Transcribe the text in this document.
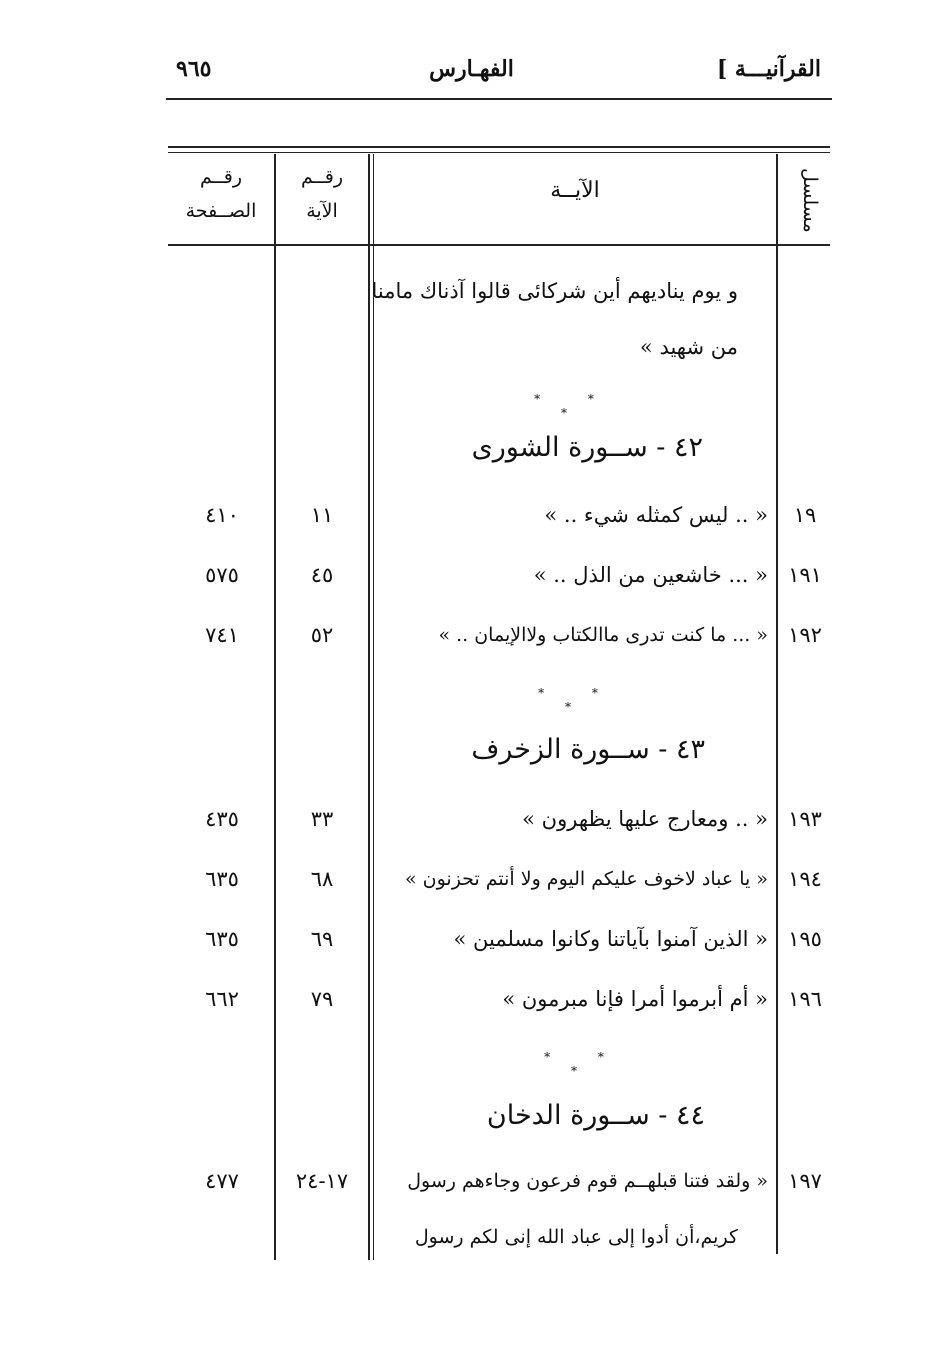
القرآنيـــة ]
الفهـارس
٩٦٥
مسلسل
الآيــة
رقــم
الآية
رقــم
الصــفحة
و يوم يناديهم أين شركائى قالوا آذناك مامنا
من شهيد »
* * *
٤٢ - ســورة الشورى
١٩
« .. ليس كمثله شيء .. »
١١
٤١٠
١٩١
« ... خاشعين من الذل .. »
٤٥
٥٧٥
١٩٢
« ... ما كنت تدرى ماالكتاب ولاالإيمان .. »
٥٢
٧٤١
* * *
٤٣ - ســورة الزخرف
١٩٣
« .. ومعارج عليها يظهرون »
٣٣
٤٣٥
١٩٤
« يا عباد لاخوف عليكم اليوم ولا أنتم تحزنون »
٦٨
٦٣٥
١٩٥
« الذين آمنوا بآياتنا وكانوا مسلمين »
٦٩
٦٣٥
١٩٦
« أم أبرموا أمرا فإنا مبرمون »
٧٩
٦٦٢
* * *
٤٤ - ســورة الدخان
١٩٧
« ولقد فتنا قبلهــم قوم فرعون وجاءهم رسول
كريم،أن أدوا إلى عباد الله إنى لكم رسول
١٧-٢٤
٤٧٧
